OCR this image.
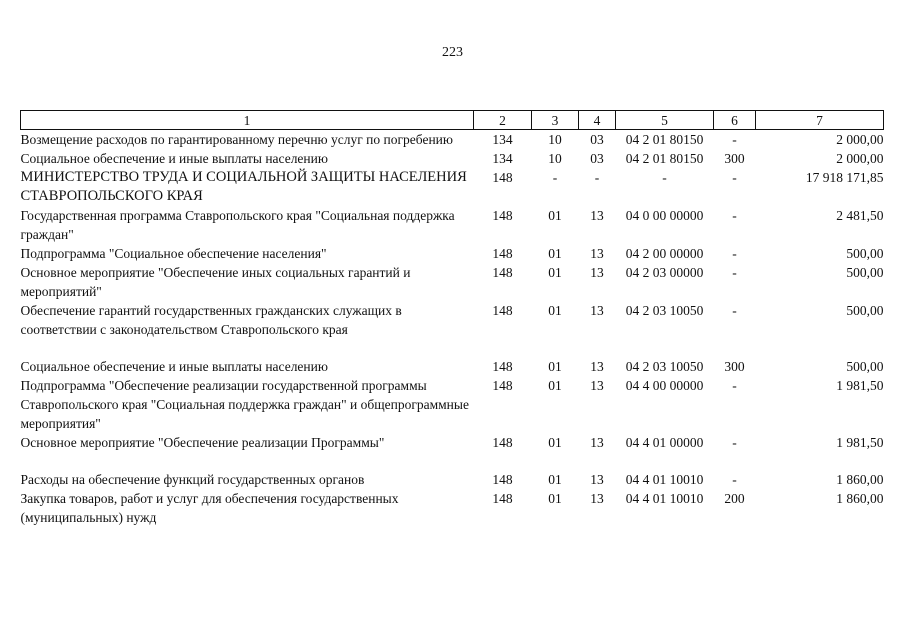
223
1	2	3	4	5	6	7
Возмещение расходов по гарантированному перечню услуг по погребению	134	10	03	04 2 01 80150	-	2 000,00
Социальное обеспечение и иные выплаты населению	134	10	03	04 2 01 80150	300	2 000,00
МИНИСТЕРСТВО ТРУДА И СОЦИАЛЬНОЙ ЗАЩИТЫ НАСЕЛЕНИЯ СТАВРОПОЛЬСКОГО КРАЯ	148	-	-	-	-	17 918 171,85
Государственная программа Ставропольского края "Социальная поддержка граждан"	148	01	13	04 0 00 00000	-	2 481,50
Подпрограмма "Социальное обеспечение населения"	148	01	13	04 2 00 00000	-	500,00
Основное мероприятие "Обеспечение иных социальных гарантий и мероприятий"	148	01	13	04 2 03 00000	-	500,00
Обеспечение гарантий государственных гражданских служащих в соответствии с законодательством Ставропольского края	148	01	13	04 2 03 10050	-	500,00
Социальное обеспечение и иные выплаты населению	148	01	13	04 2 03 10050	300	500,00
Подпрограмма "Обеспечение реализации государственной программы Ставропольского края "Социальная поддержка граждан" и общепрограммные мероприятия"	148	01	13	04 4 00 00000	-	1 981,50
Основное мероприятие "Обеспечение реализации Программы"	148	01	13	04 4 01 00000	-	1 981,50
Расходы на обеспечение функций государственных органов	148	01	13	04 4 01 10010	-	1 860,00
Закупка товаров, работ и услуг для обеспечения государственных (муниципальных) нужд	148	01	13	04 4 01 10010	200	1 860,00
